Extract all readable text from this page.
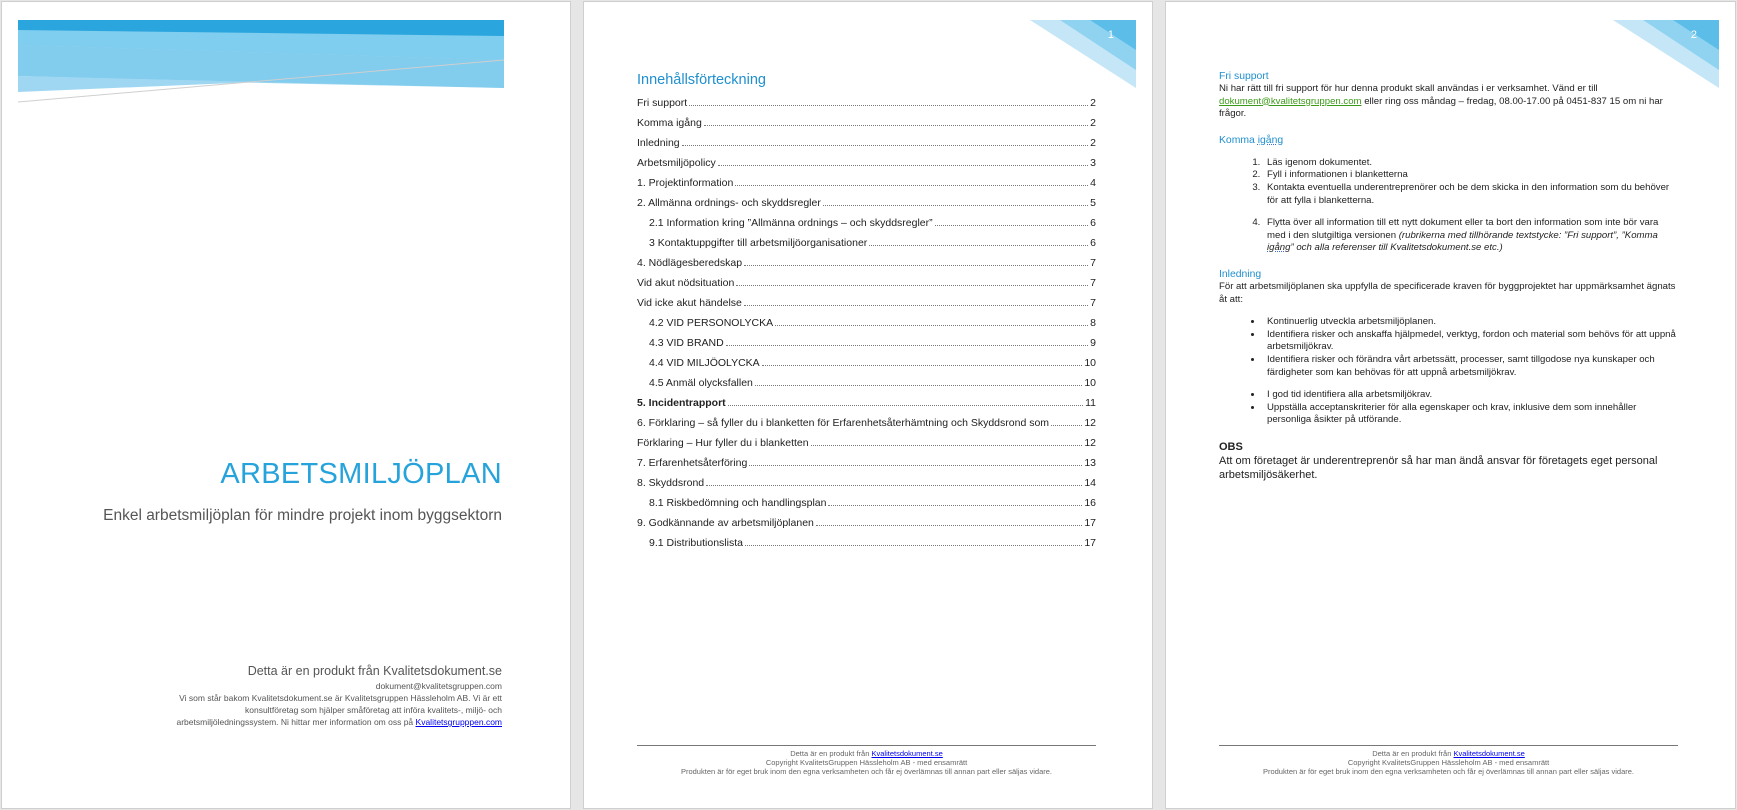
ARBETSMILJÖPLAN
Enkel arbetsmiljöplan för mindre projekt inom byggsektorn
Detta är en produkt från Kvalitetsdokument.se
dokument@kvalitetsgruppen.com
Vi som står bakom Kvalitetsdokument.se är Kvalitetsgruppen Hässleholm AB. Vi är ett
konsultföretag som hjälper småföretag att införa kvalitets-, miljö- och
arbetsmiljöledningssystem. Ni hittar mer information om oss på Kvalitetsgrupppen.com
1
Innehållsförteckning
Fri support	2
Komma igång	2
Inledning	2
Arbetsmiljöpolicy	3
1. Projektinformation	4
2. Allmänna ordnings- och skyddsregler	5
2.1 Information kring ”Allmänna ordnings – och skyddsregler”	6
3 Kontaktuppgifter till arbetsmiljöorganisationer	6
4. Nödlägesberedskap	7
Vid akut nödsituation	7
Vid icke akut händelse	7
4.2 VID PERSONOLYCKA	8
4.3 VID BRAND	9
4.4 VID MILJÖOLYCKA	10
4.5 Anmäl olycksfallen	10
5. Incidentrapport	11
6. Förklaring – så fyller du i blanketten för Erfarenhetsåterhämtning och Skyddsrond som	12
Förklaring – Hur fyller du i blanketten	12
7. Erfarenhetsåterföring	13
8. Skyddsrond	14
8.1 Riskbedömning och handlingsplan	16
9. Godkännande av arbetsmiljöplanen	17
9.1 Distributionslista	17
Detta är en produkt från Kvalitetsdokument.se
Copyright KvalitetsGruppen Hässleholm AB - med ensamrätt
Produkten är för eget bruk inom den egna verksamheten och får ej överlämnas till annan part eller säljas vidare.
2
Fri support

Ni har rätt till fri support för hur denna produkt skall användas i er verksamhet. Vänd er till dokument@kvalitetsgruppen.com eller ring oss måndag – fredag, 08.00-17.00 på 0451-837 15 om ni har frågor.

Komma igång
1. Läs igenom dokumentet.
2. Fyll i informationen i blanketterna
3. Kontakta eventuella underentreprenörer och be dem skicka in den information som du behöver för att fylla i blanketterna.
4. Flytta över all information till ett nytt dokument eller ta bort den information som inte bör vara med i den slutgiltiga versionen (rubrikerna med tillhörande textstycke: ”Fri support”, ”Komma igång” och alla referenser till Kvalitetsdokument.se etc.)
Inledning

För att arbetsmiljöplanen ska uppfylla de specificerade kraven för byggprojektet har uppmärksamhet ägnats åt att:

• Kontinuerlig utveckla arbetsmiljöplanen.
• Identifiera risker och anskaffa hjälpmedel, verktyg, fordon och material som behövs för att uppnå arbetsmiljökrav.
• Identifiera risker och förändra vårt arbetssätt, processer, samt tillgodose nya kunskaper och färdigheter som kan behövas för att uppnå arbetsmiljökrav.
• I god tid identifiera alla arbetsmiljökrav.
• Uppställa acceptanskriterier för alla egenskaper och krav, inklusive dem som innehåller personliga åsikter på utförande.
OBS
Att om företaget är underentreprenör så har man ändå ansvar för företagets eget personal arbetsmiljösäkerhet.
Detta är en produkt från Kvalitetsdokument.se
Copyright KvalitetsGruppen Hässleholm AB - med ensamrätt
Produkten är för eget bruk inom den egna verksamheten och får ej överlämnas till annan part eller säljas vidare.
